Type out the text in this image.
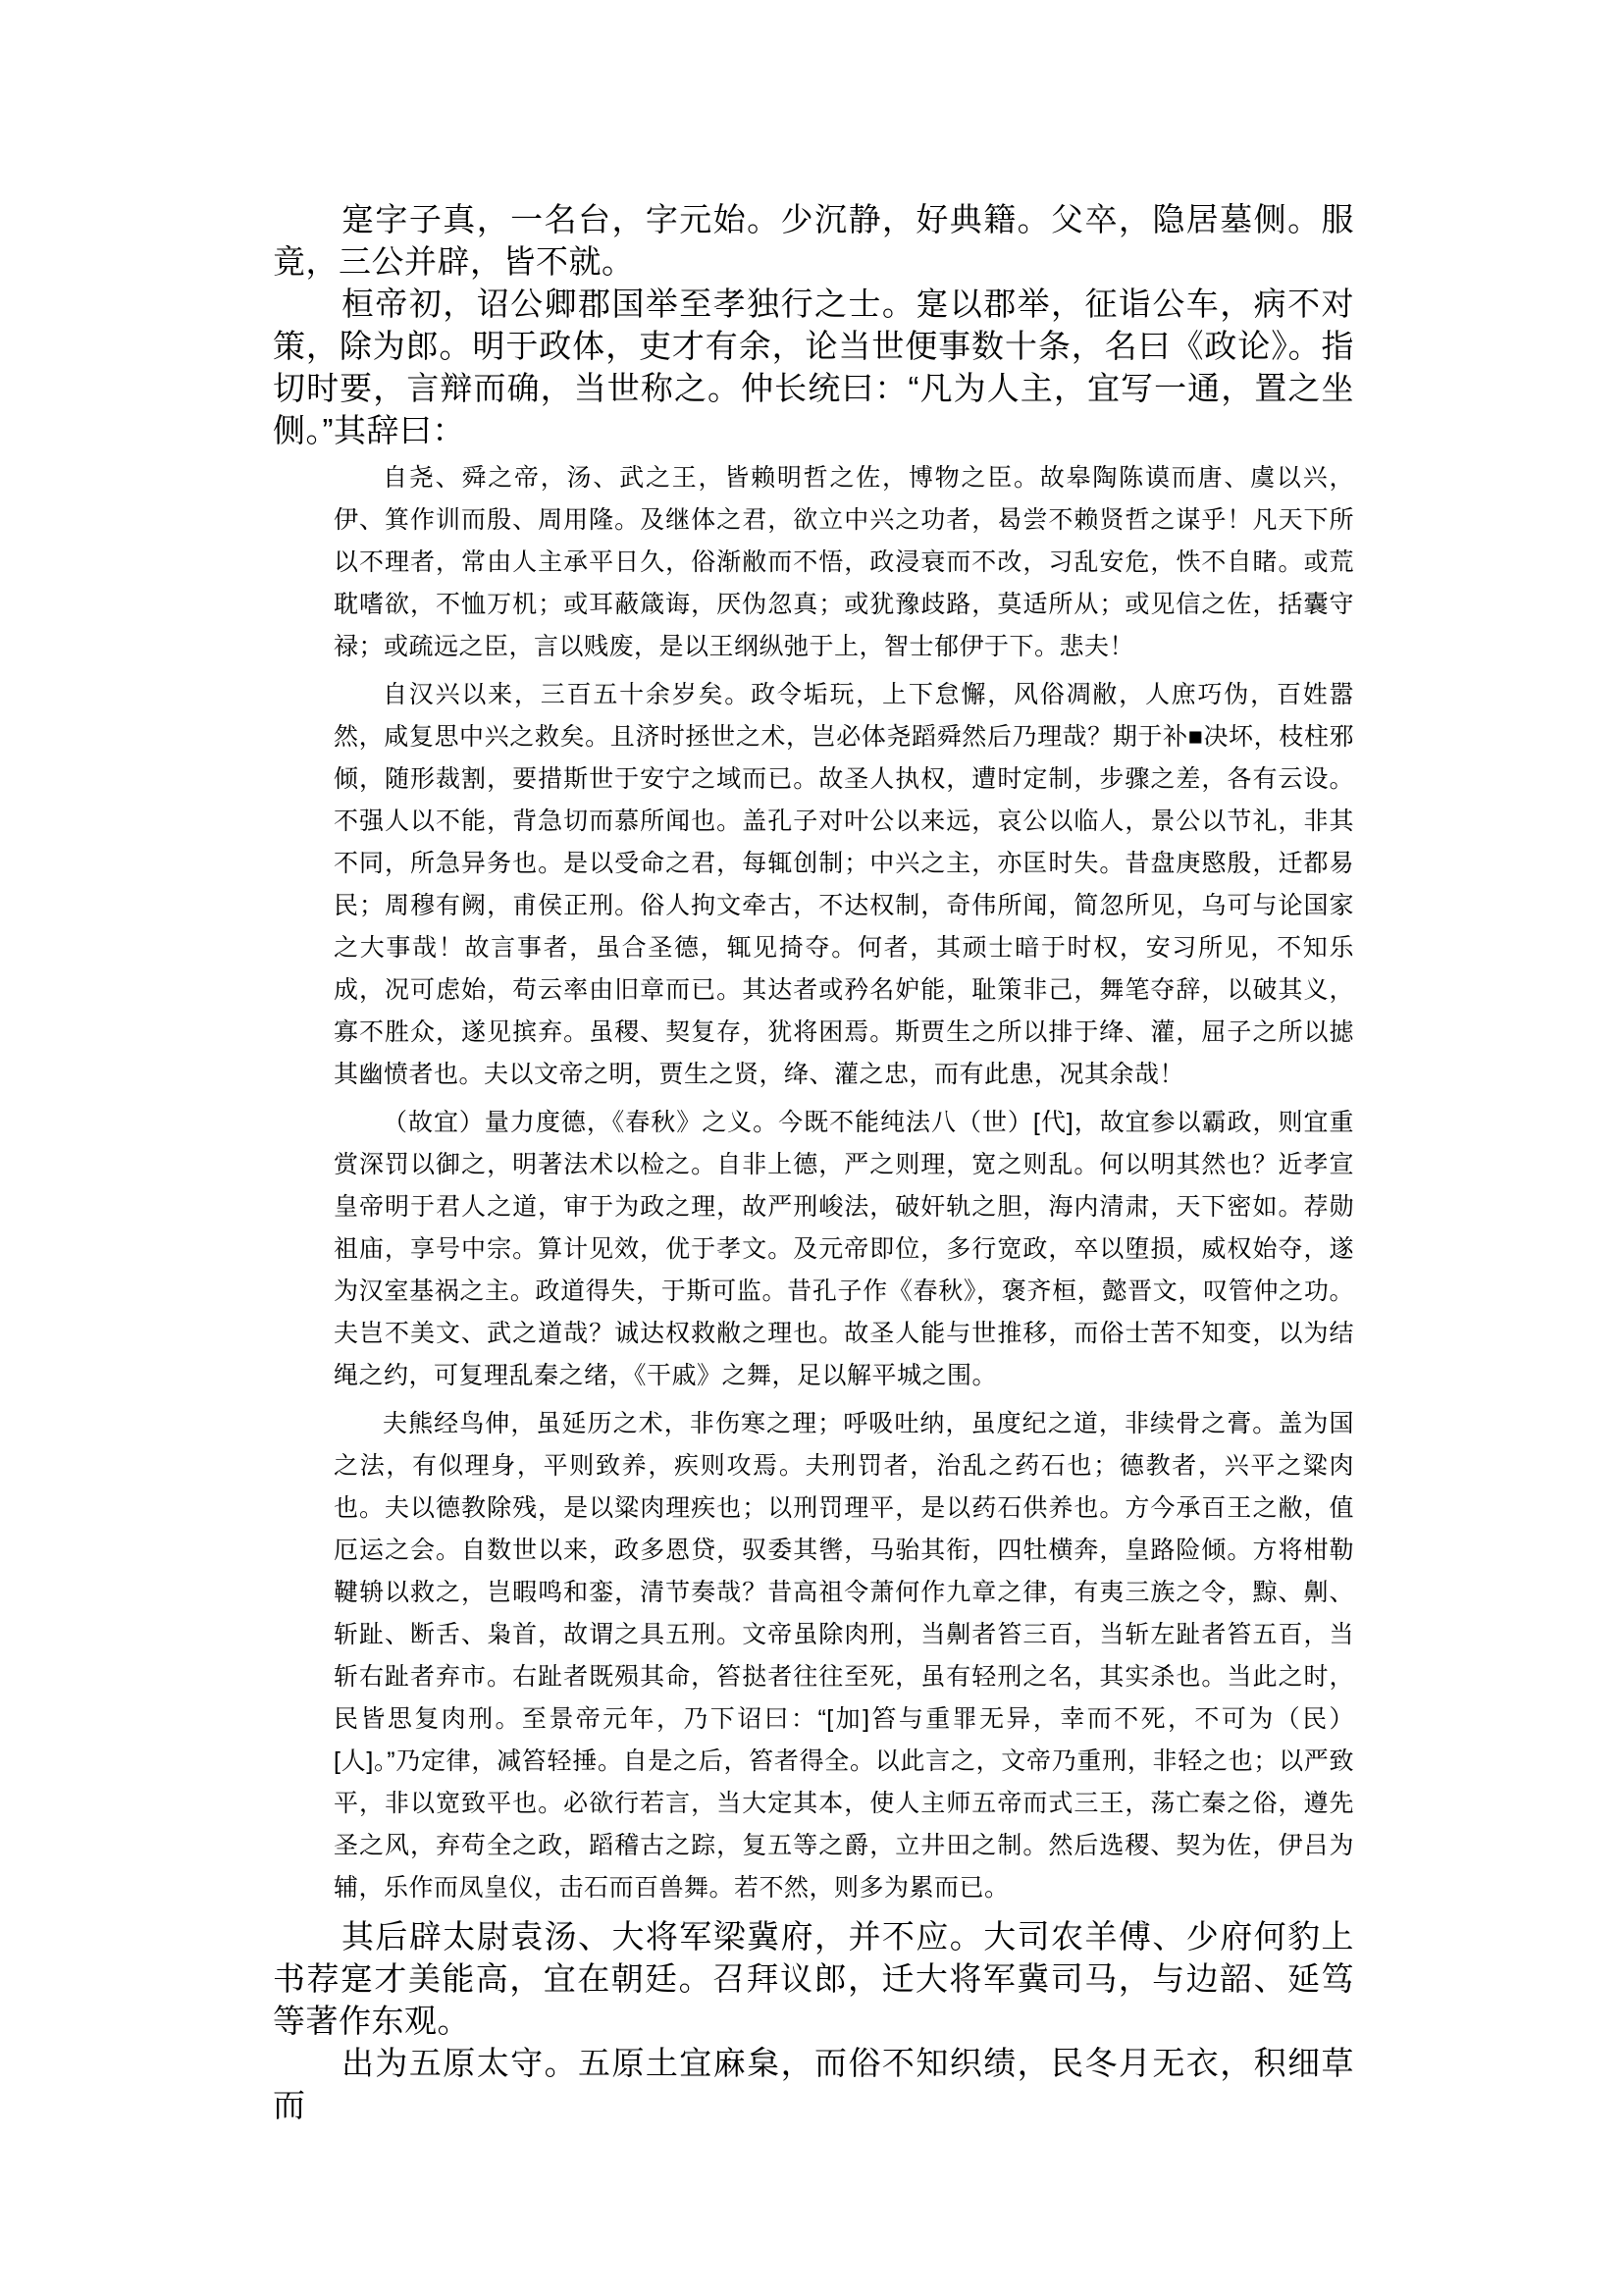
寔字子真，一名台，字元始。少沉静，好典籍。父卒，隐居墓侧。服竟，三公并辟，皆不就。

桓帝初，诏公卿郡国举至孝独行之士。寔以郡举，征诣公车，病不对策，除为郎。明于政体，吏才有余，论当世便事数十条，名曰《政论》。指切时要，言辩而确，当世称之。仲长统曰：“凡为人主，宜写一通，置之坐侧。”其辞曰：

自尧、舜之帝，汤、武之王，皆赖明哲之佐，博物之臣。故皋陶陈谟而唐、虞以兴，伊、箕作训而殷、周用隆。及继体之君，欲立中兴之功者，曷尝不赖贤哲之谋乎！凡天下所以不理者，常由人主承平日久，俗渐敝而不悟，政浸衰而不改，习乱安危，怢不自睹。或荒耽嗜欲，不恤万机；或耳蔽箴诲，厌伪忽真；或犹豫歧路，莫适所从；或见信之佐，括囊守禄；或疏远之臣，言以贱废，是以王纲纵弛于上，智士郁伊于下。悲夫！

自汉兴以来，三百五十余岁矣。政令垢玩，上下怠懈，风俗凋敝，人庶巧伪，百姓嚣然，咸复思中兴之救矣。且济时拯世之术，岂必体尧蹈舜然后乃理哉？期于补■决坏，枝柱邪倾，随形裁割，要措斯世于安宁之域而已。故圣人执权，遭时定制，步骤之差，各有云设。不强人以不能，背急切而慕所闻也。盖孔子对叶公以来远，哀公以临人，景公以节礼，非其不同，所急异务也。是以受命之君，每辄创制；中兴之主，亦匡时失。昔盘庚愍殷，迁都易民；周穆有阙，甫侯正刑。俗人拘文牵古，不达权制，奇伟所闻，简忽所见，乌可与论国家之大事哉！故言事者，虽合圣德，辄见掎夺。何者，其顽士暗于时权，安习所见，不知乐成，况可虑始，苟云率由旧章而已。其达者或矜名妒能，耻策非己，舞笔夺辞，以破其义，寡不胜众，遂见摈弃。虽稷、契复存，犹将困焉。斯贾生之所以排于绛、灌，屈子之所以摅其幽愤者也。夫以文帝之明，贾生之贤，绛、灌之忠，而有此患，况其余哉！

（故宜）量力度德，《春秋》之义。今既不能纯法八（世）[代]，故宜参以霸政，则宜重赏深罚以御之，明著法术以检之。自非上德，严之则理，宽之则乱。何以明其然也？近孝宣皇帝明于君人之道，审于为政之理，故严刑峻法，破奸轨之胆，海内清肃，天下密如。荐勋祖庙，享号中宗。算计见效，优于孝文。及元帝即位，多行宽政，卒以堕损，威权始夺，遂为汉室基祸之主。政道得失，于斯可监。昔孔子作《春秋》，褒齐桓，懿晋文，叹管仲之功。夫岂不美文、武之道哉？诚达权救敝之理也。故圣人能与世推移，而俗士苦不知变，以为结绳之约，可复理乱秦之绪，《干戚》之舞，足以解平城之围。

夫熊经鸟伸，虽延历之术，非伤寒之理；呼吸吐纳，虽度纪之道，非续骨之膏。盖为国之法，有似理身，平则致养，疾则攻焉。夫刑罚者，治乱之药石也；德教者，兴平之粱肉也。夫以德教除残，是以粱肉理疾也；以刑罚理平，是以药石供养也。方今承百王之敝，值厄运之会。自数世以来，政多恩贷，驭委其辔，马骀其衔，四牡横奔，皇路险倾。方将柑勒鞬辀以救之，岂暇鸣和銮，清节奏哉？昔高祖令萧何作九章之律，有夷三族之令，黥、劓、斩趾、断舌、枭首，故谓之具五刑。文帝虽除肉刑，当劓者笞三百，当斩左趾者笞五百，当斩右趾者弃市。右趾者既殒其命，笞挞者往往至死，虽有轻刑之名，其实杀也。当此之时，民皆思复肉刑。至景帝元年，乃下诏曰：“[加]笞与重罪无异，幸而不死，不可为（民）[人]。”乃定律，减笞轻捶。自是之后，笞者得全。以此言之，文帝乃重刑，非轻之也；以严致平，非以宽致平也。必欲行若言，当大定其本，使人主师五帝而式三王，荡亡秦之俗，遵先圣之风，弃苟全之政，蹈稽古之踪，复五等之爵，立井田之制。然后选稷、契为佐，伊吕为辅，乐作而凤皇仪，击石而百兽舞。若不然，则多为累而已。

其后辟太尉袁汤、大将军梁冀府，并不应。大司农羊傅、少府何豹上书荐寔才美能高，宜在朝廷。召拜议郎，迁大将军冀司马，与边韶、延笃等著作东观。

出为五原太守。五原土宜麻枲，而俗不知织绩，民冬月无衣，积细草而
